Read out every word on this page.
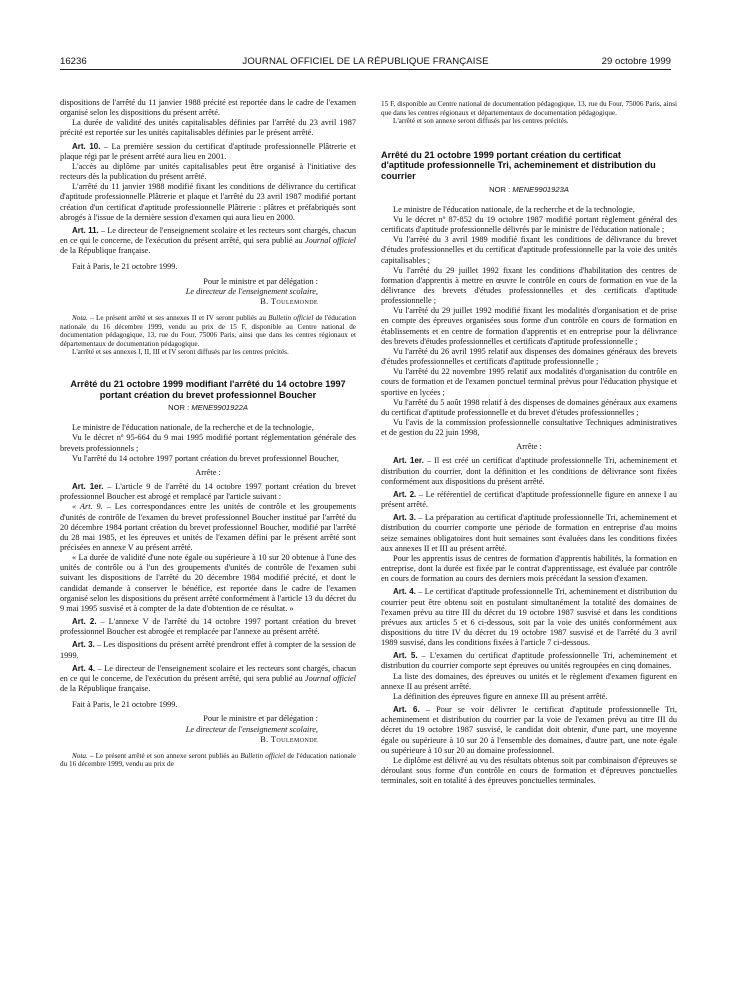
16236	JOURNAL OFFICIEL DE LA RÉPUBLIQUE FRANÇAISE	29 octobre 1999

dispositions de l'arrêté du 11 janvier 1988 précité est reportée dans le cadre de l'examen organisé selon les dispositions du présent arrêté.

La durée de validité des unités capitalisables définies par l'arrêté du 23 avril 1987 précité est reportée sur les unités capitalisables définies par le présent arrêté.

Art. 10. – La première session du certificat d'aptitude professionnelle Plâtrerie et plaque régi par le présent arrêté aura lieu en 2001.

L'accès au diplôme par unités capitalisables peut être organisé à l'initiative des recteurs dès la publication du présent arrêté.

L'arrêté du 11 janvier 1988 modifié fixant les conditions de délivrance du certificat d'aptitude professionnelle Plâtrerie et plaque et l'arrêté du 23 avril 1987 modifié portant création d'un certificat d'aptitude professionnelle Plâtrerie : plâtres et préfabriqués sont abrogés à l'issue de la dernière session d'examen qui aura lieu en 2000.

Art. 11. – Le directeur de l'enseignement scolaire et les recteurs sont chargés, chacun en ce qui le concerne, de l'exécution du présent arrêté, qui sera publié au Journal officiel de la République française.

Fait à Paris, le 21 octobre 1999.

Pour le ministre et par délégation :
Le directeur de l'enseignement scolaire,
B. Toulemonde

Nota. – Le présent arrêté et ses annexes II et IV seront publiés au Bulletin officiel de l'éducation nationale du 16 décembre 1999, vendu au prix de 15 F, disponible au Centre national de documentation pédagogique, 13, rue du Four, 75006 Paris, ainsi que dans les centres régionaux et départementaux de documentation pédagogique.

L'arrêté et ses annexes I, II, III et IV seront diffusés par les centres précités.

Arrêté du 21 octobre 1999 modifiant l'arrêté du 14 octobre 1997 portant création du brevet professionnel Boucher
NOR : MENE9901922A

Le ministre de l'éducation nationale, de la recherche et de la technologie,

Vu le décret nº 95-664 du 9 mai 1995 modifié portant réglementation générale des brevets professionnels ;

Vu l'arrêté du 14 octobre 1997 portant création du brevet professionnel Boucher,

Arrête :

Art. 1er. – L'article 9 de l'arrêté du 14 octobre 1997 portant création du brevet professionnel Boucher est abrogé et remplacé par l'article suivant :

« Art. 9. – Les correspondances entre les unités de contrôle et les groupements d'unités de contrôle de l'examen du brevet professionnel Boucher institué par l'arrêté du 20 décembre 1984 portant création du brevet professionnel Boucher, modifié par l'arrêté du 28 mai 1985, et les épreuves et unités de l'examen défini par le présent arrêté sont précisées en annexe V au présent arrêté.

« La durée de validité d'une note égale ou supérieure à 10 sur 20 obtenue à l'une des unités de contrôle ou à l'un des groupements d'unités de contrôle de l'examen subi suivant les dispositions de l'arrêté du 20 décembre 1984 modifié précité, et dont le candidat demande à conserver le bénéfice, est reportée dans le cadre de l'examen organisé selon les dispositions du présent arrêté conformément à l'article 13 du décret du 9 mai 1995 susvisé et à compter de la date d'obtention de ce résultat. »

Art. 2. – L'annexe V de l'arrêté du 14 octobre 1997 portant création du brevet professionnel Boucher est abrogée et remplacée par l'annexe au présent arrêté.

Art. 3. – Les dispositions du présent arrêté prendront effet à compter de la session de 1999.

Art. 4. – Le directeur de l'enseignement scolaire et les recteurs sont chargés, chacun en ce qui le concerne, de l'exécution du présent arrêté, qui sera publié au Journal officiel de la République française.

Fait à Paris, le 21 octobre 1999.

Pour le ministre et par délégation :
Le directeur de l'enseignement scolaire,
B. Toulemonde

Nota. – Le présent arrêté et son annexe seront publiés au Bulletin officiel de l'éducation nationale du 16 décembre 1999, vendu au prix de

15 F, disponible au Centre national de documentation pédagogique, 13, rue du Four, 75006 Paris, ainsi que dans les centres régionaux et départementaux de documentation pédagogique.

L'arrêté et son annexe seront diffusés par les centres précités.

Arrêté du 21 octobre 1999 portant création du certificat d'aptitude professionnelle Tri, acheminement et distribution du courrier
NOR : MENE9901923A

Le ministre de l'éducation nationale, de la recherche et de la technologie,

Vu le décret nº 87-852 du 19 octobre 1987 modifié portant règlement général des certificats d'aptitude professionnelle délivrés par le ministre de l'éducation nationale ;

Vu l'arrêté du 3 avril 1989 modifié fixant les conditions de délivrance du brevet d'études professionnelles et du certificat d'aptitude professionnelle par la voie des unités capitalisables ;

Vu l'arrêté du 29 juillet 1992 fixant les conditions d'habilitation des centres de formation d'apprentis à mettre en œuvre le contrôle en cours de formation en vue de la délivrance des brevets d'études professionnelles et des certificats d'aptitude professionnelle ;

Vu l'arrêté du 29 juillet 1992 modifié fixant les modalités d'organisation et de prise en compte des épreuves organisées sous forme d'un contrôle en cours de formation en établissements et en centre de formation d'apprentis et en entreprise pour la délivrance des brevets d'études professionnelles et certificats d'aptitude professionnelle ;

Vu l'arrêté du 26 avril 1995 relatif aux dispenses des domaines généraux des brevets d'études professionnelles et certificats d'aptitude professionnelle ;

Vu l'arrêté du 22 novembre 1995 relatif aux modalités d'organisation du contrôle en cours de formation et de l'examen ponctuel terminal prévus pour l'éducation physique et sportive en lycées ;

Vu l'arrêté du 5 août 1998 relatif à des dispenses de domaines généraux aux examens du certificat d'aptitude professionnelle et du brevet d'études professionnelles ;

Vu l'avis de la commission professionnelle consultative Techniques administratives et de gestion du 22 juin 1998,

Arrête :

Art. 1er. – Il est créé un certificat d'aptitude professionnelle Tri, acheminement et distribution du courrier, dont la définition et les conditions de délivrance sont fixées conformément aux dispositions du présent arrêté.

Art. 2. – Le référentiel de certificat d'aptitude professionnelle figure en annexe I au présent arrêté.

Art. 3. – La préparation au certificat d'aptitude professionnelle Tri, acheminement et distribution du courrier comporte une période de formation en entreprise d'au moins seize semaines obligatoires dont huit semaines sont évaluées dans les conditions fixées aux annexes II et III au présent arrêté.

Pour les apprentis issus de centres de formation d'apprentis habilités, la formation en entreprise, dont la durée est fixée par le contrat d'apprentissage, est évaluée par contrôle en cours de formation au cours des derniers mois précédant la session d'examen.

Art. 4. – Le certificat d'aptitude professionnelle Tri, acheminement et distribution du courrier peut être obtenu soit en postulant simultanément la totalité des domaines de l'examen prévu au titre III du décret du 19 octobre 1987 susvisé et dans les conditions prévues aux articles 5 et 6 ci-dessous, soit par la voie des unités conformément aux dispositions du titre IV du décret du 19 octobre 1987 susvisé et de l'arrêté du 3 avril 1989 susvisé, dans les conditions fixées à l'article 7 ci-dessous.

Art. 5. – L'examen du certificat d'aptitude professionnelle Tri, acheminement et distribution du courrier comporte sept épreuves ou unités regroupées en cinq domaines.

La liste des domaines, des épreuves ou unités et le règlement d'examen figurent en annexe II au présent arrêté.

La définition des épreuves figure en annexe III au présent arrêté.

Art. 6. – Pour se voir délivrer le certificat d'aptitude professionnelle Tri, acheminement et distribution du courrier par la voie de l'examen prévu au titre III du décret du 19 octobre 1987 susvisé, le candidat doit obtenir, d'une part, une moyenne égale ou supérieure à 10 sur 20 à l'ensemble des domaines, d'autre part, une note égale ou supérieure à 10 sur 20 au domaine professionnel.

Le diplôme est délivré au vu des résultats obtenus soit par combinaison d'épreuves se déroulant sous forme d'un contrôle en cours de formation et d'épreuves ponctuelles terminales, soit en totalité à des épreuves ponctuelles terminales.
